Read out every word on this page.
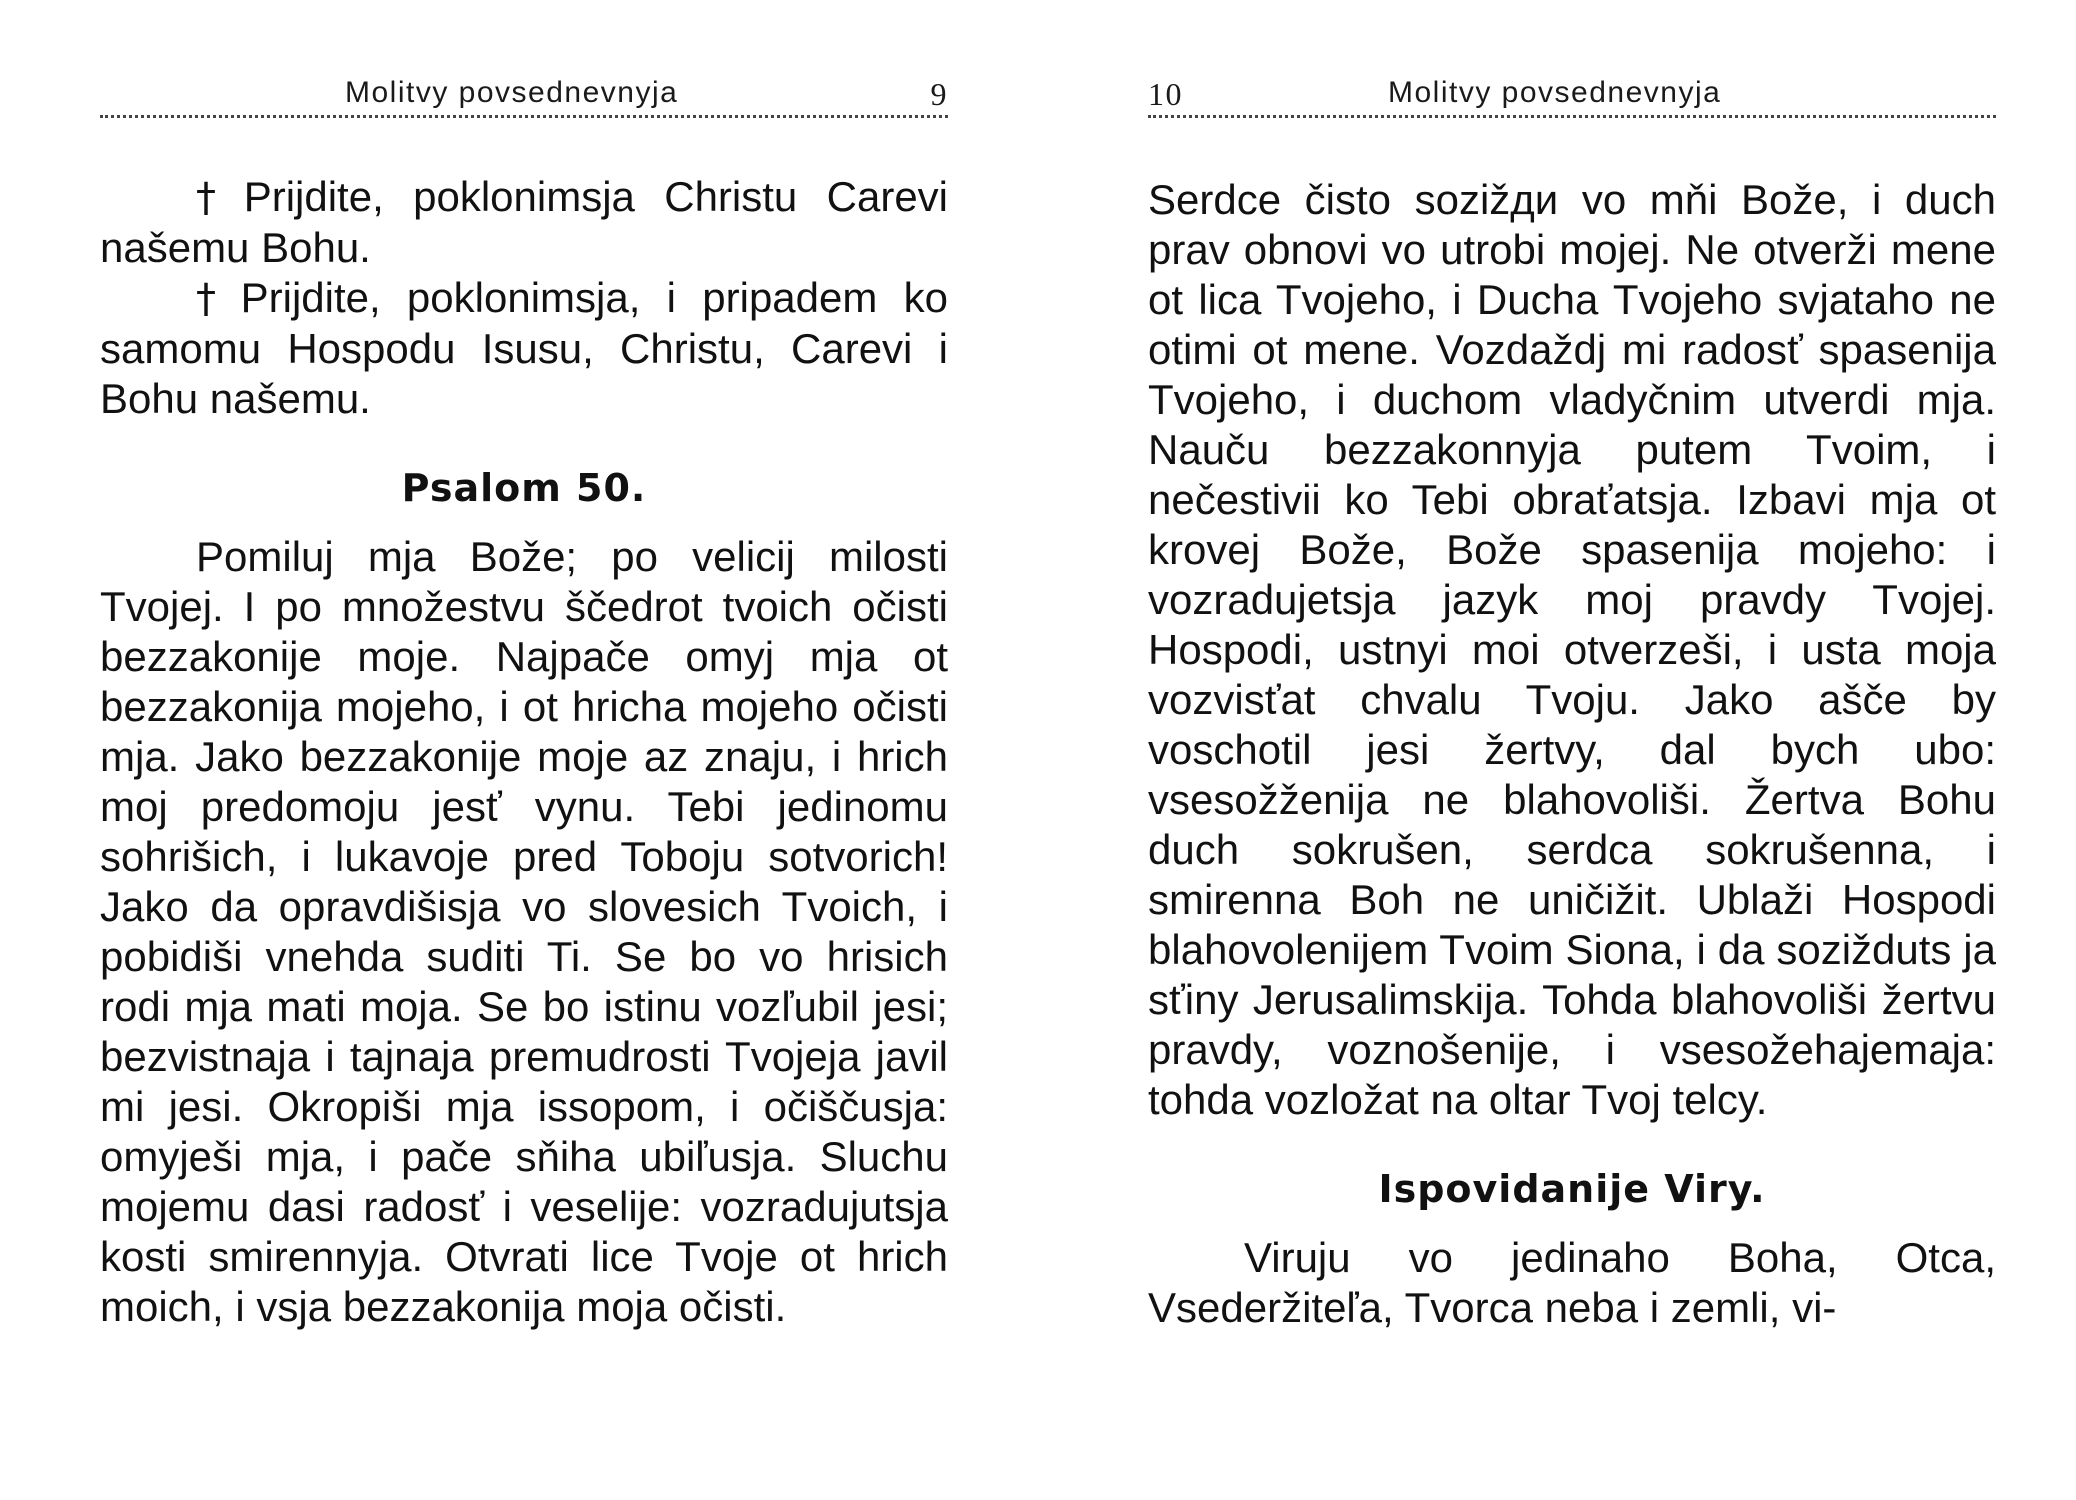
Molitvy povsednevnyja	9

† Prijdite, poklonimsja Christu Carevi našemu Bohu.

† Prijdite, poklonimsja, i pripadem ko samomu Hospodu Isusu, Christu, Carevi i Bohu našemu.

Psalom 50.

Pomiluj mja Bože; po velicij milosti Tvojej. I po množestvu ščedrot tvoich očisti bezzakonije moje. Najpače omyj mja ot bezzakonija mojeho, i ot hricha mojeho očisti mja. Jako bezzakonije moje az znaju, i hrich moj predomoju jesť vynu. Tebi jedinomu sohrišich, i lukavoje pred Toboju sotvorich! Jako da opravdišisja vo slovesich Tvoich, i pobidiši vnehda suditi Ti. Se bo vo hrisich rodi mja mati moja. Se bo istinu vozľubil jesi; bezvistnaja i tajnaja premudrosti Tvojeja javil mi jesi. Okropiši mja issopom, i očiščusja: omyješi mja, i pače sňiha ubiľusja. Sluchu mojemu dasi radosť i veselije: vozradujutsja kosti smirennyja. Otvrati lice Tvoje ot hrich moich, i vsja bezzakonija moja očisti.

10	Molitvy povsednevnyja

Serdce čisto sozižди vo mňi Bože, i duch prav obnovi vo utrobi mojej. Ne otverži mene ot lica Tvojeho, i Ducha Tvojeho svjataho ne otimi ot mene. Vozdaždj mi radosť spasenija Tvojeho, i duchom vladyčnim utverdi mja. Nauču bezzakonnyja putem Tvoim, i nečestivii ko Tebi obraťatsja. Izbavi mja ot krovej Bože, Bože spasenija mojeho: i vozradujetsja jazyk moj pravdy Tvojej. Hospodi, ustnyi moi otverzeši, i usta moja vozvisťat chvalu Tvoju. Jako ašče by voschotil jesi žertvy, dal bych ubo: vsesožženija ne blahovoliši. Žertva Bohu duch sokrušen, serdca sokrušenna, i smirenna Boh ne uničižit. Ublaži Hospodi blahovolenijem Tvoim Siona, i da sozižduts ja sťiny Jerusalimskija. Tohda blahovoliši žertvu pravdy, voznošenije, i vsesožehajemaja: tohda vozložat na oltar Tvoj telcy.

Ispovidanije Viry.

Viruju vo jedinaho Boha, Otca, Vsederžiteľa, Tvorca neba i zemli, vi-
